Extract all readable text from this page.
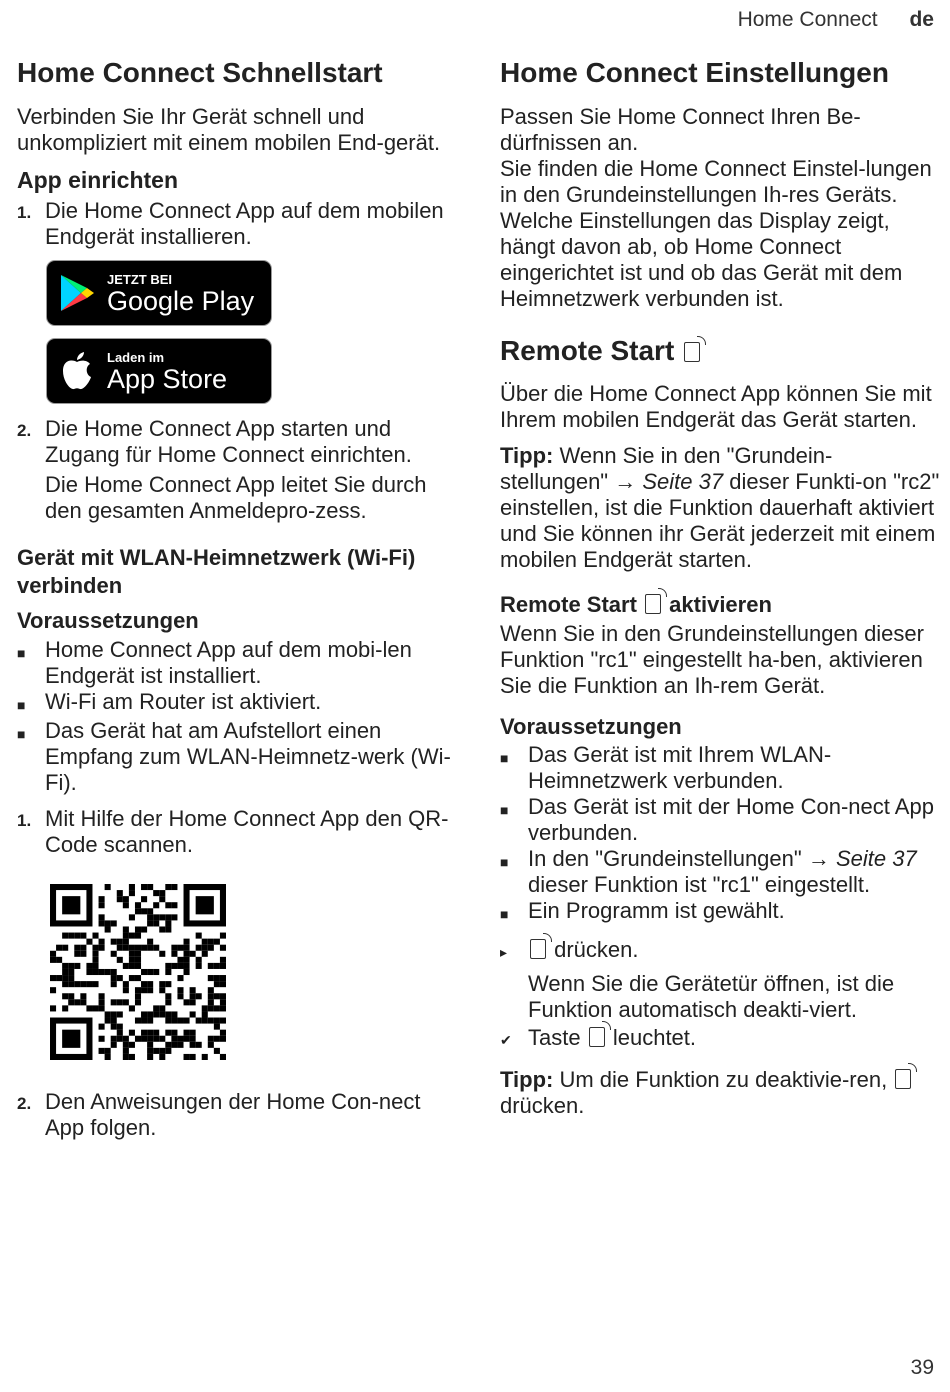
Home Connect de
Home Connect Schnellstart

Verbinden Sie Ihr Gerät schnell und unkompliziert mit einem mobilen End-gerät.

App einrichten
1. Die Home Connect App auf dem mobilen Endgerät installieren.
JETZT BEI
Google Play
Laden im
App Store
2. Die Home Connect App starten und Zugang für Home Connect einrichten.

Die Home Connect App leitet Sie durch den gesamten Anmeldepro-zess.

Gerät mit WLAN-Heimnetzwerk (Wi-Fi) verbinden
Voraussetzungen
■ Home Connect App auf dem mobi-len Endgerät ist installiert.
■ Wi-Fi am Router ist aktiviert.
■ Das Gerät hat am Aufstellort einen Empfang zum WLAN-Heimnetz-werk (Wi-Fi).
1. Mit Hilfe der Home Connect App den QR-Code scannen.
2. Den Anweisungen der Home Con-nect App folgen.
Home Connect Einstellungen

Passen Sie Home Connect Ihren Be-dürfnissen an.

Sie finden die Home Connect Einstel-lungen in den Grundeinstellungen Ih-res Geräts. Welche Einstellungen das Display zeigt, hängt davon ab, ob Home Connect eingerichtet ist und ob das Gerät mit dem Heimnetzwerk verbunden ist.

Remote Start

Über die Home Connect App können Sie mit Ihrem mobilen Endgerät das Gerät starten.

Tipp: Wenn Sie in den "Grundein-stellungen" → Seite 37 dieser Funkti-on "rc2" einstellen, ist die Funktion dauerhaft aktiviert und Sie können ihr Gerät jederzeit mit einem mobilen Endgerät starten.

Remote Start aktivieren

Wenn Sie in den Grundeinstellungen dieser Funktion "rc1" eingestellt ha-ben, aktivieren Sie die Funktion an Ih-rem Gerät.

Voraussetzungen
■ Das Gerät ist mit Ihrem WLAN-Heimnetzwerk verbunden.
■ Das Gerät ist mit der Home Con-nect App verbunden.
■ In den "Grundeinstellungen" → Seite 37 dieser Funktion ist "rc1" eingestellt.
■ Ein Programm ist gewählt.
▸	drücken.

Wenn Sie die Gerätetür öffnen, ist die Funktion automatisch deakti-viert.

✔ Taste leuchtet.

Tipp: Um die Funktion zu deaktivie-ren,  drücken.

39
